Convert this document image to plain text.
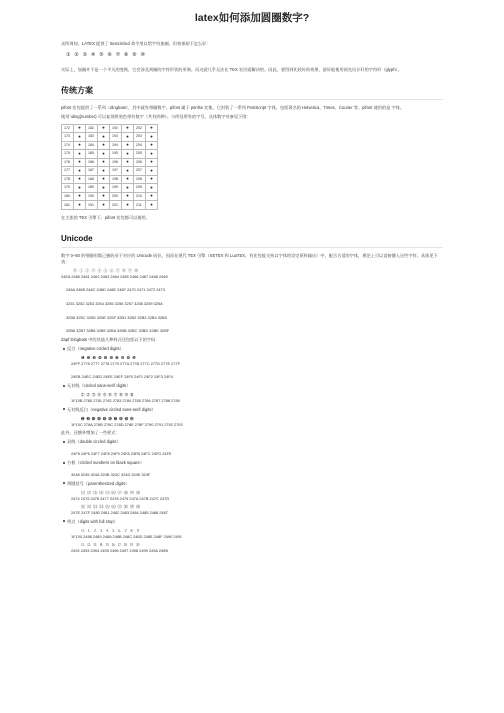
latex如何添加圆圈数字?

众所周知，LATEX 提供了 \textcircled 命令用以给字符加圈，但效果却不怎么好：

① ② ③ ④ ⑤ ⑥ ⑦ ⑧ ⑨ ⑩

实际上，加圈并不是一个平凡的变换，它会涉及到圈的字符形状的更调。而这就几乎无法在 TEX 宏层面解决的。因此，要得到比较好的效果，最好能使用预先设计好的字符形（glyph）。

传统方案

pifont 宏包提供了一系列（dingbats），其中就有带圈数字。pifont 属于 psnfss 宏集，它封装了一系列 PostScript 字体，包括著名的 Helvetica、Times、Courier 等。pifont 使用的是 字体。

使用 \ding{number} 可以复现带黑色带有数字（共有四种）。与所处所有的字号，具体数字对参见下图：

172	●	182	●	192	●	202	●
173	●	183	●	193	●	203	●
174	●	184	●	194	●	204	●
175	●	185	●	195	●	205	●
176	●	186	●	196	●	206	●
177	●	187	●	197	●	207	●
178	●	188	●	198	●	208	●
179	●	189	●	199	●	209	●
180	●	190	●	200	●	210	●
181	●	191	●	201	●	211	●

在主流的 TEX 引擎下，pifont 宏包都可以使用。

Unicode

数字 0–50 的带圈形都已被收录于对应的 Unicode 码位，因而在现代 TEX 引擎（XETEX 和 LuaTEX，有宏包能支持以字体的设定原样输出）中，配合合适的字体，理论上可以直接键入这些字符。具体见下表：

⓪ ① ② ③ ④ ⑤ ⑥ ⑦ ⑧ ⑨ ⑩
24EA 2460 2461 2462 2463 2464 2465 2466 2467 2468 2469
246A 246B 246C 246D 246E 246F 2470 2471 2472 2473
3251 3252 3253 3254 3255 3256 3257 3258 3259 325A
325B 325C 325D 325E 325F 32B1 32B2 32B3 32B4 32B5
32B6 32B7 32B8 32B9 32BA 32BB 32BC 32BD 32BE 32BF

Zapf Dingbats 中的其他几种样式还包括以下的字码：

反白（negative circled digits）
❶ ❷ ❸ ❹ ❺ ❻ ❼ ❽ ❾ ❿
24FF 2776 2777 2778 2779 277A 277B 277C 277D 277E 277F
24EB 24EC 24ED 24EE 24EF 24F0 24F1 24F2 24F3 24F4
无衬线（circled sans-serif digits）
➀ ➁ ➂ ➃ ➄ ➅ ➆ ➇ ➈ ➉
1F10B 2780 2781 2782 2783 2784 2785 2786 2787 2788 2789
无衬线反白（negative circled sans-serif digits）
➊ ➋ ➌ ➍ ➎ ➏ ➐ ➑ ➒ ➓
1F10C 278A 278B 278C 278D 278E 278F 2790 2791 2792 2793

此外，还额外增加了一些样式：

双线（double circled digits）
24F5 24F6 24F7 24F8 24F9 24FA 24FB 24FC 24FD 24FE
方框（circled numbers on black square）
3248 3249 324A 324B 324C 324D 324E 324F
带圆括号（parenthesized digits）
⑴ ⑵ ⑶ ⑷ ⑸ ⑹ ⑺ ⑻ ⑼ ⑽
2474 2475 2476 2477 2478 2479 247A 247B 247C 247D
⑾ ⑿ ⒀ ⒁ ⒂ ⒃ ⒄ ⒅ ⒆ ⒇
247E 247F 2480 2481 2482 2483 2484 2485 2486 2487
带点（digits with full stop）
🄀 ⒈ ⒉ ⒊ ⒋ ⒌ ⒍ ⒎ ⒏ ⒐
1F100 2488 2489 248A 248B 248C 248D 248E 248F 2490 2491
⒒ ⒓ ⒔ ⒕ ⒖ ⒗ ⒘ ⒙ ⒚ ⒛
2492 2493 2494 2495 2496 2497 2498 2499 249A 249B
